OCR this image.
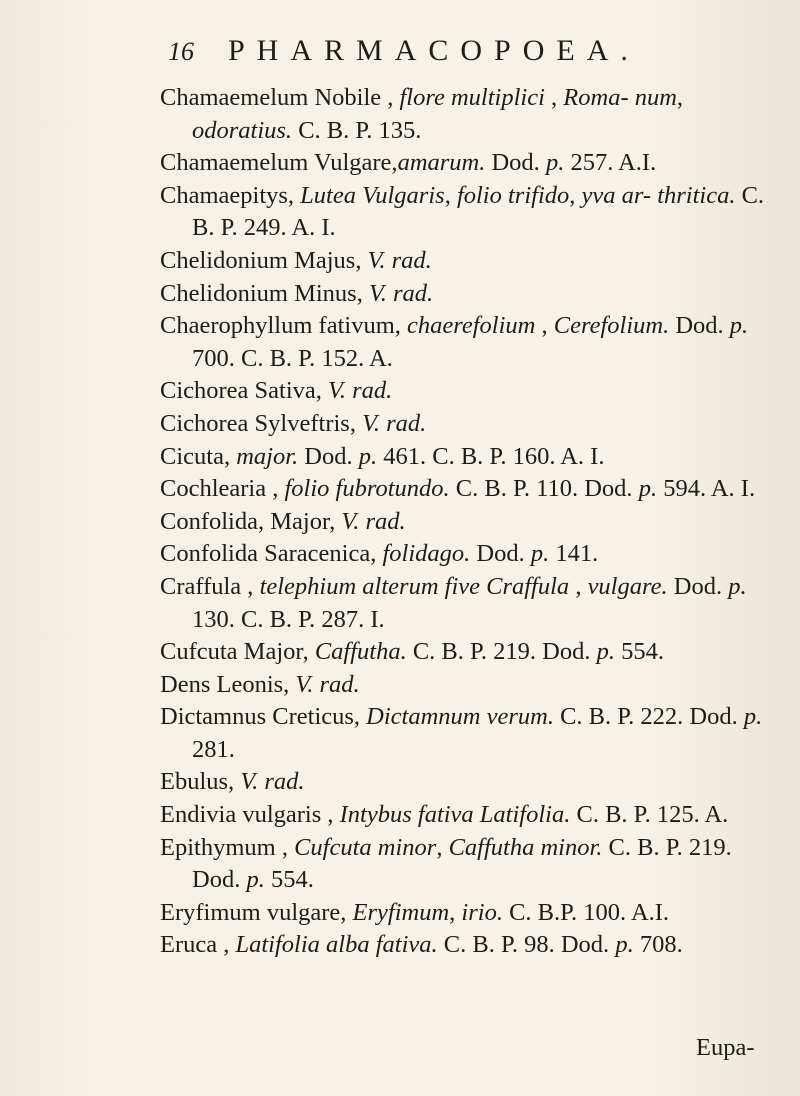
16 PHARMACOPOEA.
Chamaemelum Nobile , flore multiplici , Roma- num, odoratius. C. B. P. 135.
Chamaemelum Vulgare,amarum. Dod. p. 257. A.I.
Chamaepitys, Lutea Vulgaris, folio trifido, yva ar- thritica. C. B. P. 249. A. I.
Chelidonium Majus, V. rad.
Chelidonium Minus, V. rad.
Chaerophyllum fativum, chaerefolium , Cerefolium. Dod. p. 700. C. B. P. 152. A.
Cichorea Sativa, V. rad.
Cichorea Sylveftris, V. rad.
Cicuta, major. Dod. p. 461. C. B. P. 160. A. I.
Cochlearia , folio fubrotundo. C. B. P. 110. Dod. p. 594. A. I.
Confolida, Major, V. rad.
Confolida Saracenica, folidago. Dod. p. 141.
Craffula , telephium alterum five Craffula , vulgare. Dod. p. 130. C. B. P. 287. I.
Cufcuta Major, Caffutha. C. B. P. 219. Dod. p. 554.
Dens Leonis, V. rad.
Dictamnus Creticus, Dictamnum verum. C. B. P. 222. Dod. p. 281.
Ebulus, V. rad.
Endivia vulgaris , Intybus fativa Latifolia. C. B. P. 125. A.
Epithymum , Cufcuta minor, Caffutha minor. C. B. P. 219. Dod. p. 554.
Eryfimum vulgare, Eryfimum, irio. C. B.P. 100. A.I.
Eruca , Latifolia alba fativa. C. B. P. 98. Dod. p. 708.
Eupa-
